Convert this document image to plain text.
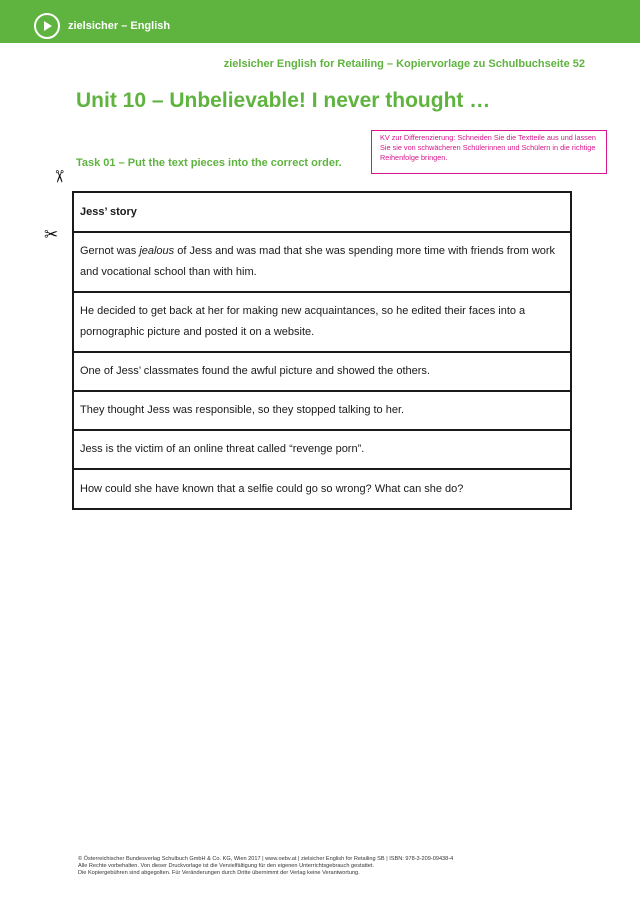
zielsicher – English
zielsicher English for Retailing – Kopiervorlage zu Schulbuchseite 52
Unit 10 – Unbelievable! I never thought …
KV zur Differenzierung: Schneiden Sie die Textteile aus und lassen Sie sie von schwächeren Schülerinnen und Schülern in die richtige Reihenfolge bringen.
Task 01 – Put the text pieces into the correct order.
✂
✂
Jess’ story
Gernot was jealous of Jess and was mad that she was spending more time with friends from work and vocational school than with him.
He decided to get back at her for making new acquaintances, so he edited their faces into a pornographic picture and posted it on a website.
One of Jess’ classmates found the awful picture and showed the others.
They thought Jess was responsible, so they stopped talking to her.
Jess is the victim of an online threat called “revenge porn”.
How could she have known that a selfie could go so wrong? What can she do?
© Österreichischer Bundesverlag Schulbuch GmbH & Co. KG, Wien 2017 | www.oebv.at | zielsicher English for Retailing SB | ISBN: 978-3-209-09438-4
Alle Rechte vorbehalten. Von dieser Druckvorlage ist die Vervielfältigung für den eigenen Unterrichtsgebrauch gestattet.
Die Kopiergebühren sind abgegolten. Für Veränderungen durch Dritte übernimmt der Verlag keine Verantwortung.
